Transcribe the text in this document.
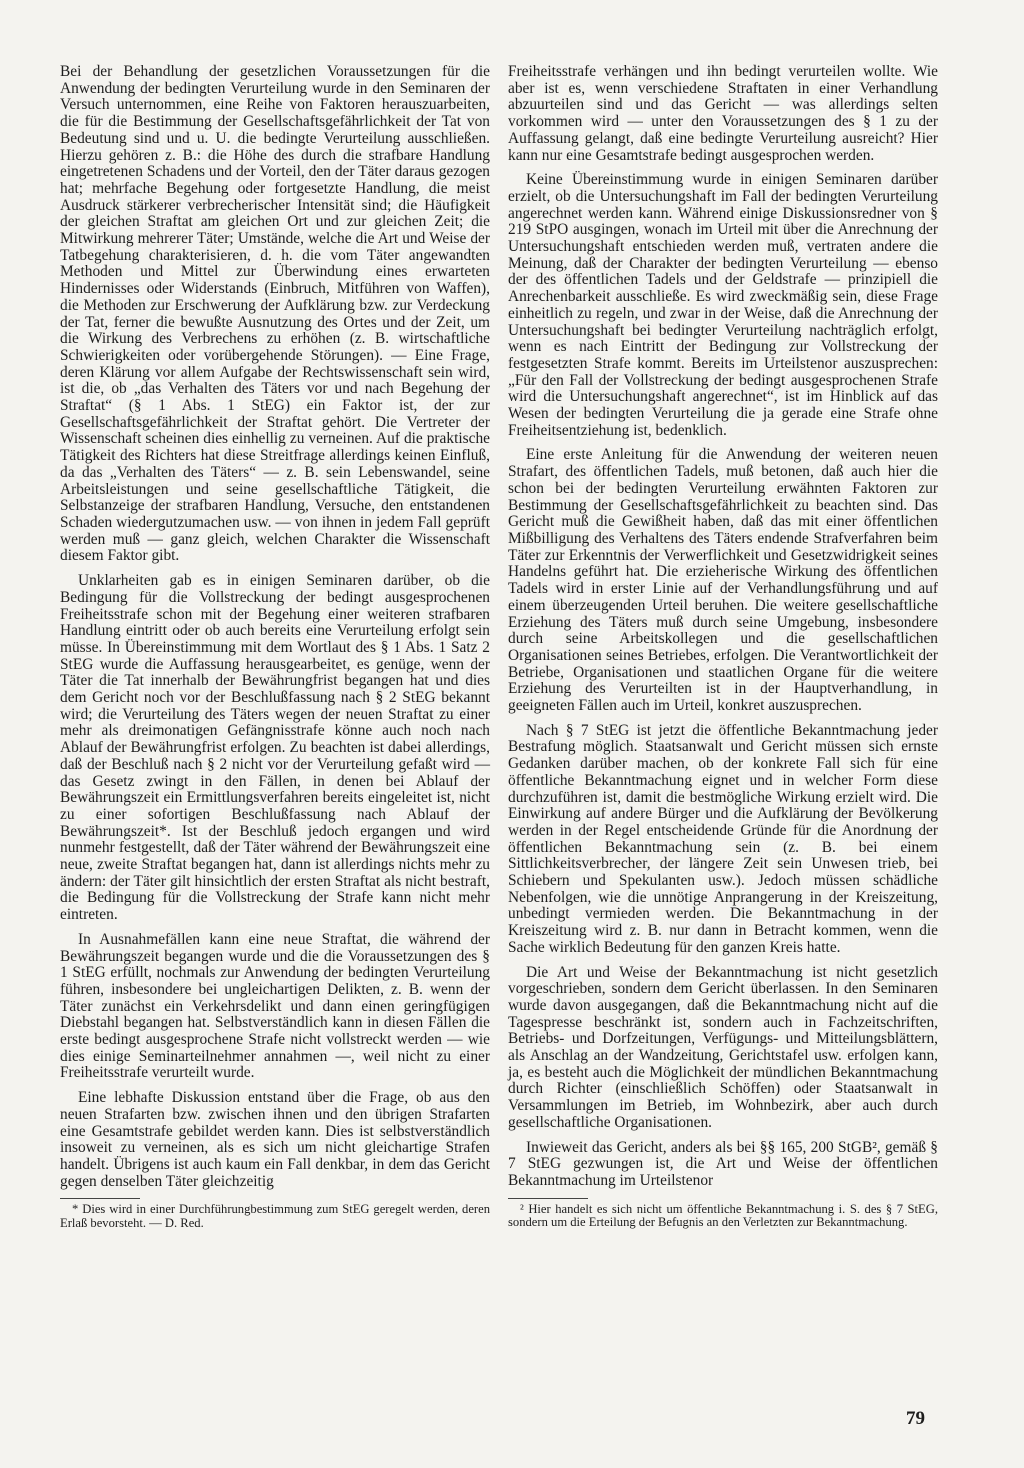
Bei der Behandlung der gesetzlichen Voraussetzungen für die Anwendung der bedingten Verurteilung wurde in den Seminaren der Versuch unternommen, eine Reihe von Faktoren herauszuarbeiten, die für die Bestimmung der Gesellschaftsgefährlichkeit der Tat von Bedeutung sind und u. U. die bedingte Verurteilung ausschließen. Hierzu gehören z. B.: die Höhe des durch die strafbare Handlung eingetretenen Schadens und der Vorteil, den der Täter daraus gezogen hat; mehrfache Begehung oder fortgesetzte Handlung, die meist Ausdruck stärkerer verbrecherischer Intensität sind; die Häufigkeit der gleichen Straftat am gleichen Ort und zur gleichen Zeit; die Mitwirkung mehrerer Täter; Umstände, welche die Art und Weise der Tatbegehung charakterisieren, d. h. die vom Täter angewandten Methoden und Mittel zur Überwindung eines erwarteten Hindernisses oder Widerstands (Einbruch, Mitführen von Waffen), die Methoden zur Erschwerung der Aufklärung bzw. zur Verdeckung der Tat, ferner die bewußte Ausnutzung des Ortes und der Zeit, um die Wirkung des Verbrechens zu erhöhen (z. B. wirtschaftliche Schwierigkeiten oder vorübergehende Störungen). — Eine Frage, deren Klärung vor allem Aufgabe der Rechtswissenschaft sein wird, ist die, ob „das Verhalten des Täters vor und nach Begehung der Straftat“ (§ 1 Abs. 1 StEG) ein Faktor ist, der zur Gesellschaftsgefährlichkeit der Straftat gehört. Die Vertreter der Wissenschaft scheinen dies einhellig zu verneinen. Auf die praktische Tätigkeit des Richters hat diese Streitfrage allerdings keinen Einfluß, da das „Verhalten des Täters“ — z. B. sein Lebenswandel, seine Arbeitsleistungen und seine gesellschaftliche Tätigkeit, die Selbstanzeige der strafbaren Handlung, Versuche, den entstandenen Schaden wiedergutzumachen usw. — von ihnen in jedem Fall geprüft werden muß — ganz gleich, welchen Charakter die Wissenschaft diesem Faktor gibt.

Unklarheiten gab es in einigen Seminaren darüber, ob die Bedingung für die Vollstreckung der bedingt ausgesprochenen Freiheitsstrafe schon mit der Begehung einer weiteren strafbaren Handlung eintritt oder ob auch bereits eine Verurteilung erfolgt sein müsse. In Übereinstimmung mit dem Wortlaut des § 1 Abs. 1 Satz 2 StEG wurde die Auffassung herausgearbeitet, es genüge, wenn der Täter die Tat innerhalb der Bewährungfrist begangen hat und dies dem Gericht noch vor der Beschlußfassung nach § 2 StEG bekannt wird; die Verurteilung des Täters wegen der neuen Straftat zu einer mehr als dreimonatigen Gefängnisstrafe könne auch noch nach Ablauf der Bewährungfrist erfolgen. Zu beachten ist dabei allerdings, daß der Beschluß nach § 2 nicht vor der Verurteilung gefaßt wird — das Gesetz zwingt in den Fällen, in denen bei Ablauf der Bewährungszeit ein Ermittlungsverfahren bereits eingeleitet ist, nicht zu einer sofortigen Beschlußfassung nach Ablauf der Bewährungszeit*. Ist der Beschluß jedoch ergangen und wird nunmehr festgestellt, daß der Täter während der Bewährungszeit eine neue, zweite Straftat begangen hat, dann ist allerdings nichts mehr zu ändern: der Täter gilt hinsichtlich der ersten Straftat als nicht bestraft, die Bedingung für die Vollstreckung der Strafe kann nicht mehr eintreten.

In Ausnahmefällen kann eine neue Straftat, die während der Bewährungszeit begangen wurde und die die Voraussetzungen des § 1 StEG erfüllt, nochmals zur Anwendung der bedingten Verurteilung führen, insbesondere bei ungleichartigen Delikten, z. B. wenn der Täter zunächst ein Verkehrsdelikt und dann einen geringfügigen Diebstahl begangen hat. Selbstverständlich kann in diesen Fällen die erste bedingt ausgesprochene Strafe nicht vollstreckt werden — wie dies einige Seminarteilnehmer annahmen —, weil nicht zu einer Freiheitsstrafe verurteilt wurde.

Eine lebhafte Diskussion entstand über die Frage, ob aus den neuen Strafarten bzw. zwischen ihnen und den übrigen Strafarten eine Gesamtstrafe gebildet werden kann. Dies ist selbstverständlich insoweit zu verneinen, als es sich um nicht gleichartige Strafen handelt. Übrigens ist auch kaum ein Fall denkbar, in dem das Gericht gegen denselben Täter gleichzeitig

* Dies wird in einer Durchführungbestimmung zum StEG geregelt werden, deren Erlaß bevorsteht. — D. Red.

Freiheitsstrafe verhängen und ihn bedingt verurteilen wollte. Wie aber ist es, wenn verschiedene Straftaten in einer Verhandlung abzuurteilen sind und das Gericht — was allerdings selten vorkommen wird — unter den Voraussetzungen des § 1 zu der Auffassung gelangt, daß eine bedingte Verurteilung ausreicht? Hier kann nur eine Gesamtstrafe bedingt ausgesprochen werden.

Keine Übereinstimmung wurde in einigen Seminaren darüber erzielt, ob die Untersuchungshaft im Fall der bedingten Verurteilung angerechnet werden kann. Während einige Diskussionsredner von § 219 StPO ausgingen, wonach im Urteil mit über die Anrechnung der Untersuchungshaft entschieden werden muß, vertraten andere die Meinung, daß der Charakter der bedingten Verurteilung — ebenso der des öffentlichen Tadels und der Geldstrafe — prinzipiell die Anrechenbarkeit ausschließe. Es wird zweckmäßig sein, diese Frage einheitlich zu regeln, und zwar in der Weise, daß die Anrechnung der Untersuchungshaft bei bedingter Verurteilung nachträglich erfolgt, wenn es nach Eintritt der Bedingung zur Vollstreckung der festgesetzten Strafe kommt. Bereits im Urteilstenor auszusprechen: „Für den Fall der Vollstreckung der bedingt ausgesprochenen Strafe wird die Untersuchungshaft angerechnet“, ist im Hinblick auf das Wesen der bedingten Verurteilung die ja gerade eine Strafe ohne Freiheitsentziehung ist, bedenklich.

Eine erste Anleitung für die Anwendung der weiteren neuen Strafart, des öffentlichen Tadels, muß betonen, daß auch hier die schon bei der bedingten Verurteilung erwähnten Faktoren zur Bestimmung der Gesellschaftsgefährlichkeit zu beachten sind. Das Gericht muß die Gewißheit haben, daß das mit einer öffentlichen Mißbilligung des Verhaltens des Täters endende Strafverfahren beim Täter zur Erkenntnis der Verwerflichkeit und Gesetzwidrigkeit seines Handelns geführt hat. Die erzieherische Wirkung des öffentlichen Tadels wird in erster Linie auf der Verhandlungsführung und auf einem überzeugenden Urteil beruhen. Die weitere gesellschaftliche Erziehung des Täters muß durch seine Umgebung, insbesondere durch seine Arbeitskollegen und die gesellschaftlichen Organisationen seines Betriebes, erfolgen. Die Verantwortlichkeit der Betriebe, Organisationen und staatlichen Organe für die weitere Erziehung des Verurteilten ist in der Hauptverhandlung, in geeigneten Fällen auch im Urteil, konkret auszusprechen.

Nach § 7 StEG ist jetzt die öffentliche Bekanntmachung jeder Bestrafung möglich. Staatsanwalt und Gericht müssen sich ernste Gedanken darüber machen, ob der konkrete Fall sich für eine öffentliche Bekanntmachung eignet und in welcher Form diese durchzuführen ist, damit die bestmögliche Wirkung erzielt wird. Die Einwirkung auf andere Bürger und die Aufklärung der Bevölkerung werden in der Regel entscheidende Gründe für die Anordnung der öffentlichen Bekanntmachung sein (z. B. bei einem Sittlichkeitsverbrecher, der längere Zeit sein Unwesen trieb, bei Schiebern und Spekulanten usw.). Jedoch müssen schädliche Nebenfolgen, wie die unnötige Anprangerung in der Kreiszeitung, unbedingt vermieden werden. Die Bekanntmachung in der Kreiszeitung wird z. B. nur dann in Betracht kommen, wenn die Sache wirklich Bedeutung für den ganzen Kreis hatte.

Die Art und Weise der Bekanntmachung ist nicht gesetzlich vorgeschrieben, sondern dem Gericht überlassen. In den Seminaren wurde davon ausgegangen, daß die Bekanntmachung nicht auf die Tagespresse beschränkt ist, sondern auch in Fachzeitschriften, Betriebs- und Dorfzeitungen, Verfügungs- und Mitteilungsblättern, als Anschlag an der Wandzeitung, Gerichtstafel usw. erfolgen kann, ja, es besteht auch die Möglichkeit der mündlichen Bekanntmachung durch Richter (einschließlich Schöffen) oder Staatsanwalt in Versammlungen im Betrieb, im Wohnbezirk, aber auch durch gesellschaftliche Organisationen.

Inwieweit das Gericht, anders als bei §§ 165, 200 StGB², gemäß § 7 StEG gezwungen ist, die Art und Weise der öffentlichen Bekanntmachung im Urteilstenor

² Hier handelt es sich nicht um öffentliche Bekanntmachung i. S. des § 7 StEG, sondern um die Erteilung der Befugnis an den Verletzten zur Bekanntmachung.

79
